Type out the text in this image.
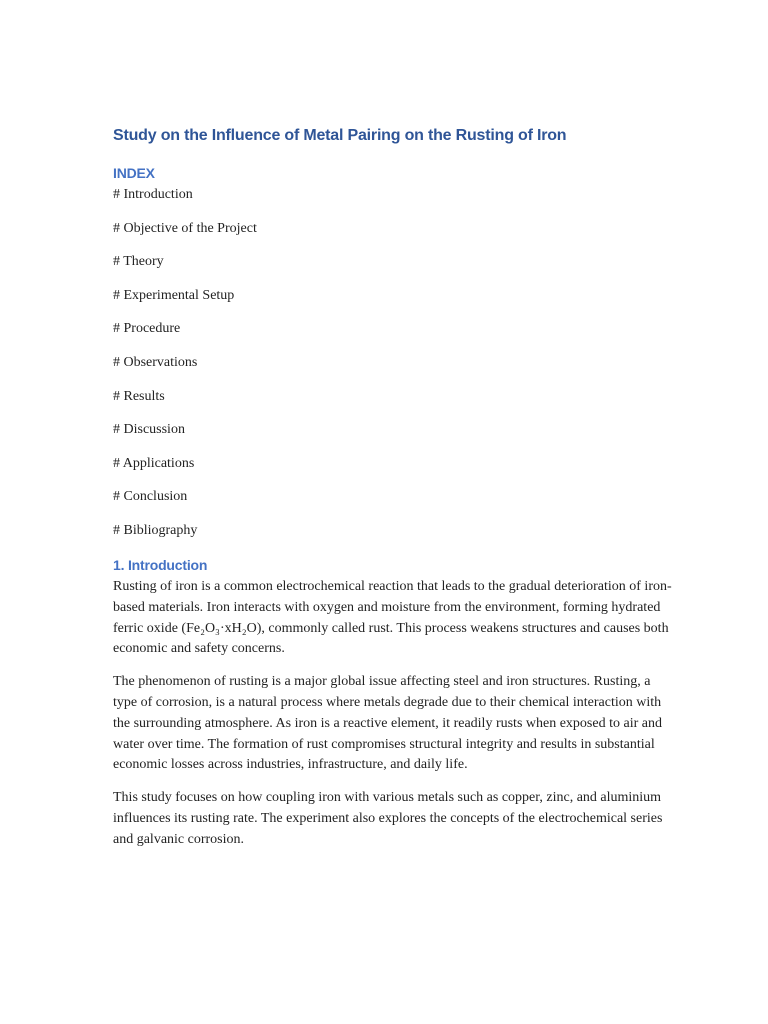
Study on the Influence of Metal Pairing on the Rusting of Iron
INDEX
# Introduction
# Objective of the Project
# Theory
# Experimental Setup
# Procedure
# Observations
# Results
# Discussion
# Applications
# Conclusion
# Bibliography
1. Introduction

Rusting of iron is a common electrochemical reaction that leads to the gradual deterioration of iron-based materials. Iron interacts with oxygen and moisture from the environment, forming hydrated ferric oxide (Fe₂O₃·xH₂O), commonly called rust. This process weakens structures and causes both economic and safety concerns.

The phenomenon of rusting is a major global issue affecting steel and iron structures. Rusting, a type of corrosion, is a natural process where metals degrade due to their chemical interaction with the surrounding atmosphere. As iron is a reactive element, it readily rusts when exposed to air and water over time. The formation of rust compromises structural integrity and results in substantial economic losses across industries, infrastructure, and daily life.

This study focuses on how coupling iron with various metals such as copper, zinc, and aluminium influences its rusting rate. The experiment also explores the concepts of the electrochemical series and galvanic corrosion.
